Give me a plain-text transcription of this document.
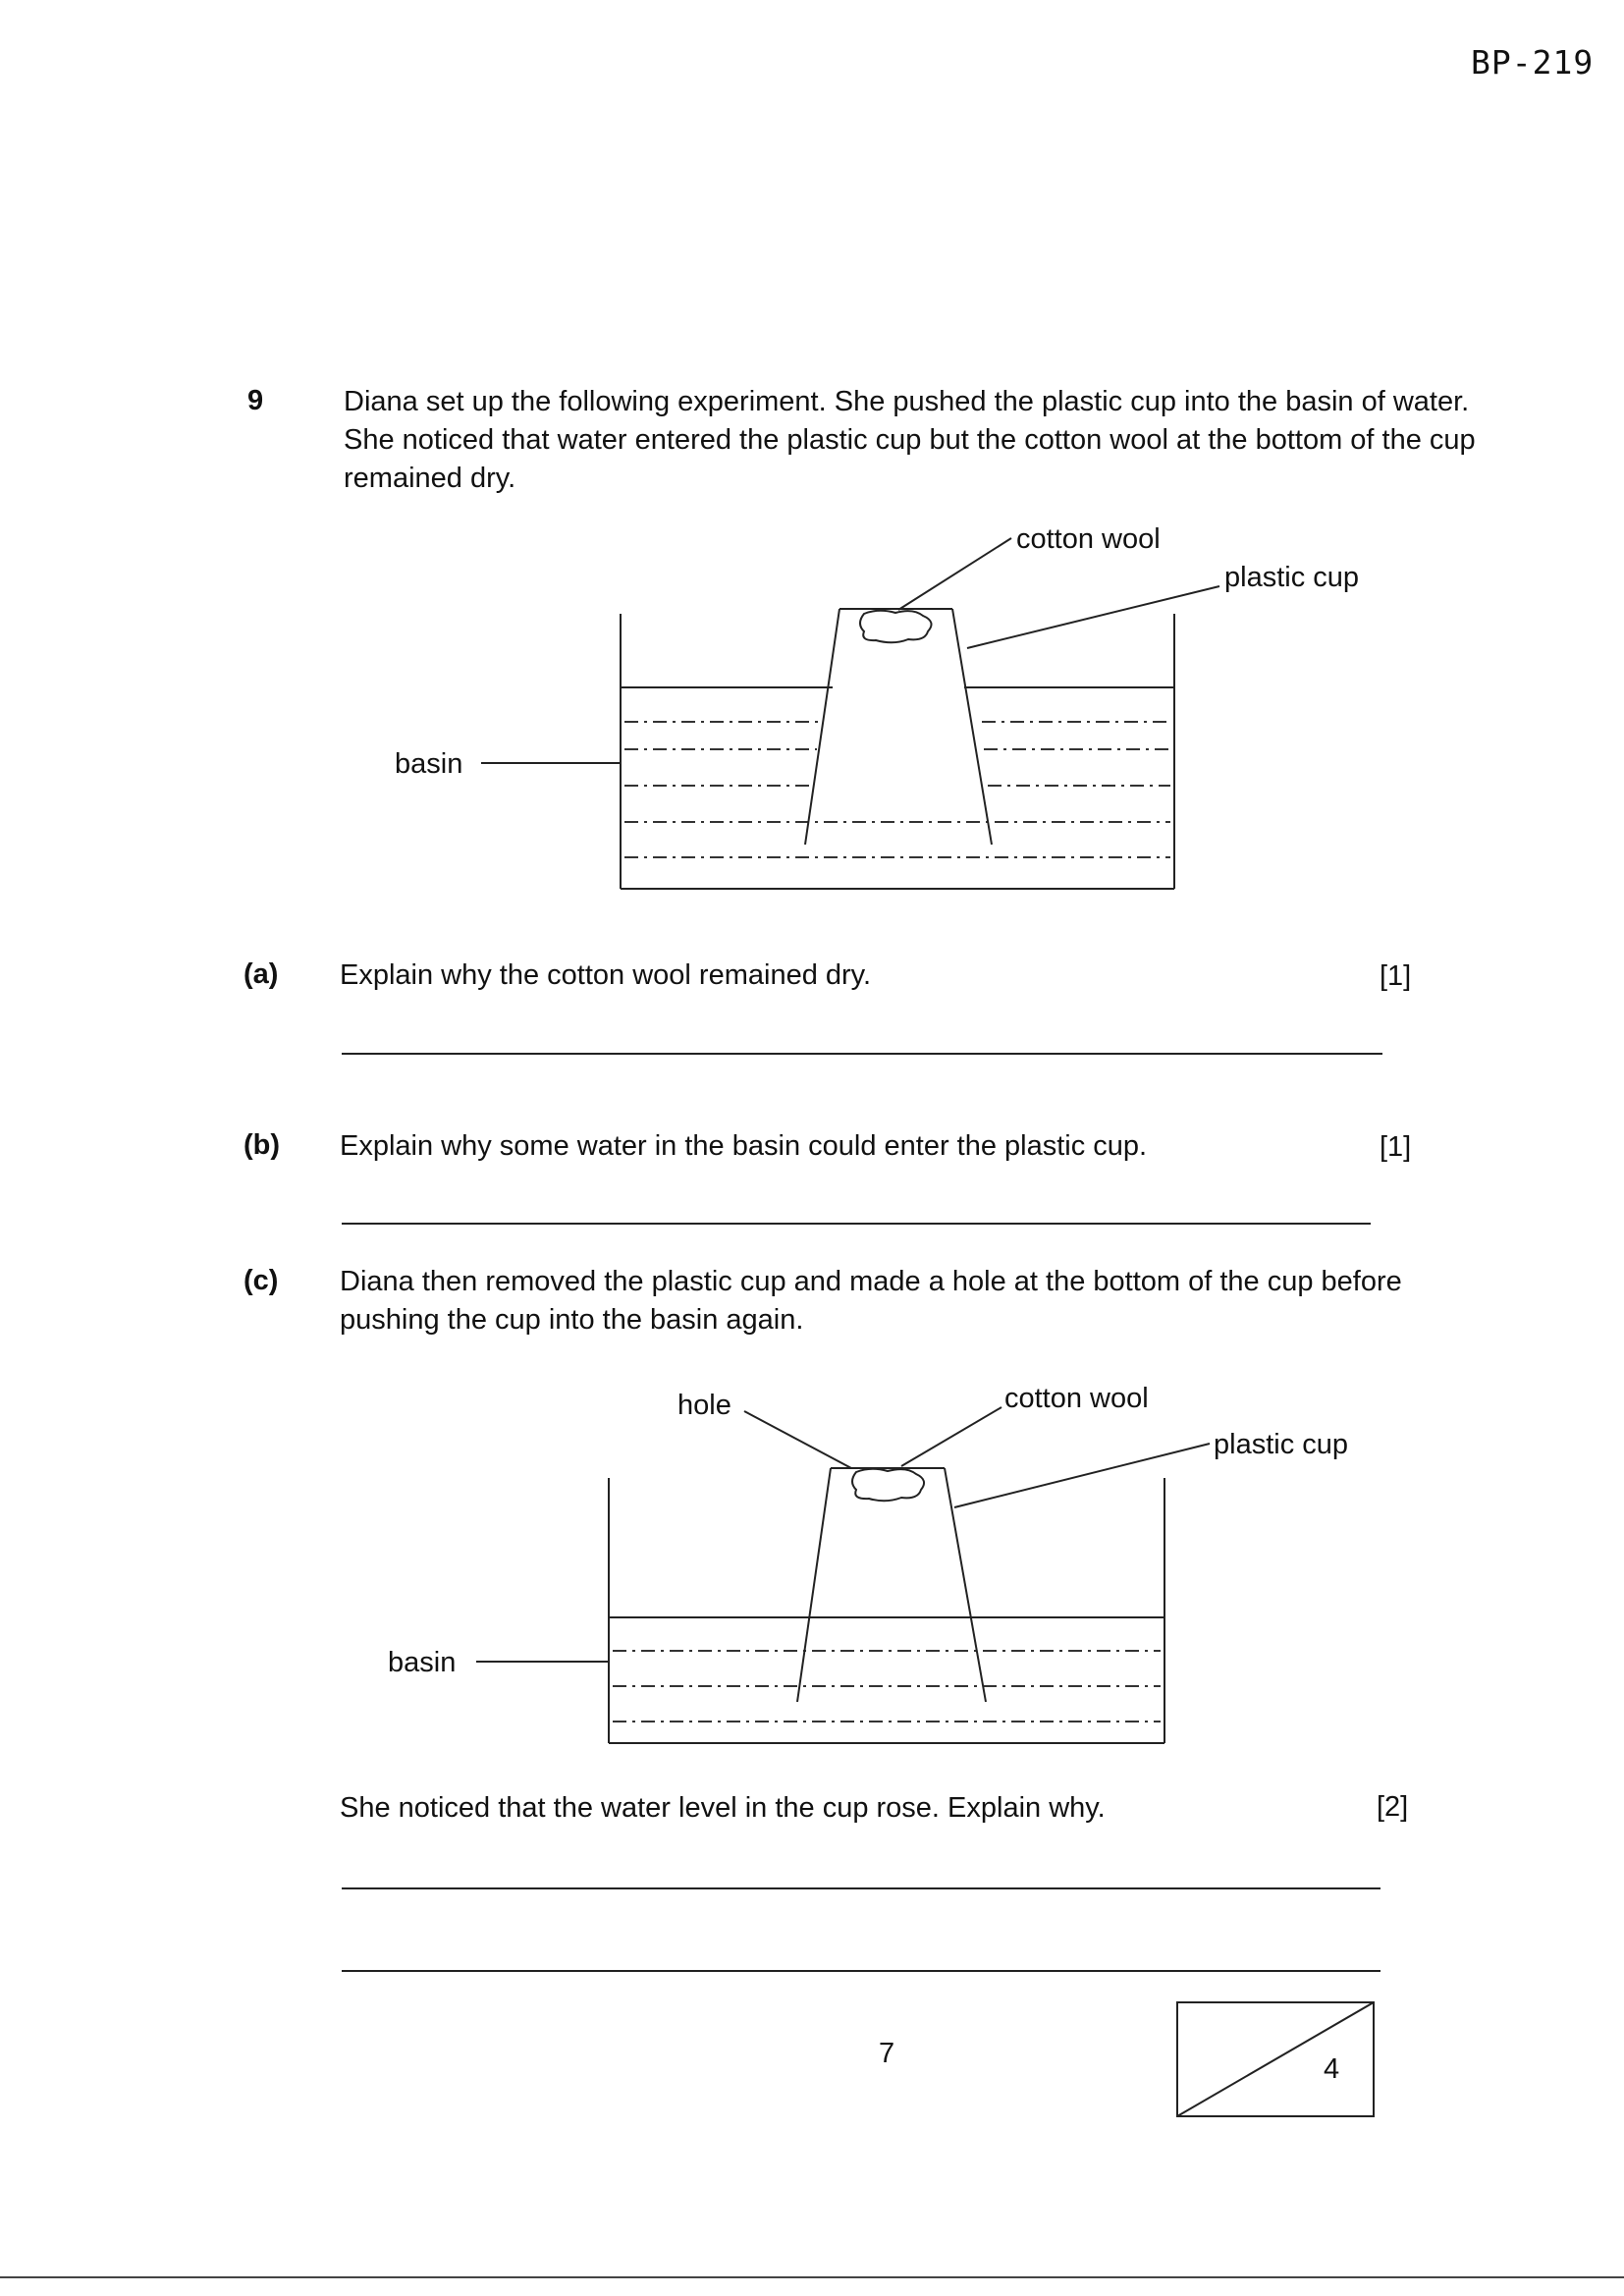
BP-219
9	Diana set up the following experiment. She pushed the plastic cup into the basin of water. She noticed that water entered the plastic cup but the cotton wool at the bottom of the cup remained dry.
cotton wool
plastic cup
basin
(a) Explain why the cotton wool remained dry.	[1]
(b) Explain why some water in the basin could enter the plastic cup.	[1]
(c) Diana then removed the plastic cup and made a hole at the bottom of the cup before pushing the cup into the basin again.
hole	cotton wool
plastic cup
basin
She noticed that the water level in the cup rose. Explain why.	[2]
7	4
